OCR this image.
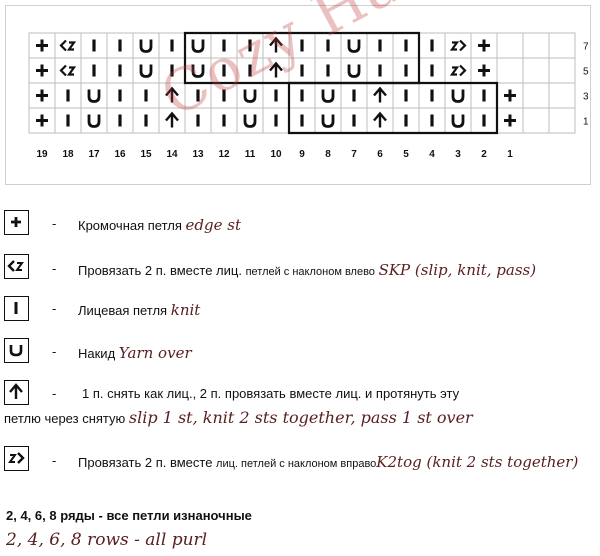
7
5
3
1
19 18 17 16 15 14 13 12 11 10 9 8 7 6 5 4 3 2 1
Cozy
- Кромочная петля edge st
- Провязать 2 п. вместе лиц. петлей с наклоном влево SKP (slip, knit, pass)
- Лицевая петля knit
- Накид Yarn over
- 1 п. снять как лиц., 2 п. провязать вместе лиц. и протянуть эту
петлю через снятую slip 1 st, knit 2 sts together, pass 1 st over
- Провязать 2 п. вместе лиц. петлей с наклоном вправоK2tog (knit 2 sts together)
2, 4, 6, 8 ряды - все петли изнаночные
2, 4, 6, 8 rows - all purl
